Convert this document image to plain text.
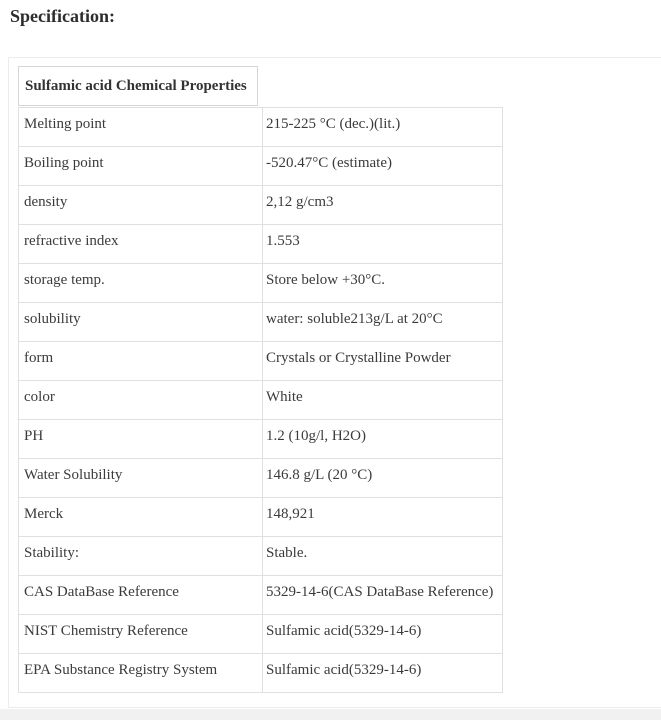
Specification:
Sulfamic acid Chemical Properties
Melting point	215-225 °C (dec.)(lit.)
Boiling point	-520.47°C (estimate)
density	2,12 g/cm3
refractive index	1.553
storage temp.	Store below +30°C.
solubility	water: soluble213g/L at 20°C
form	Crystals or Crystalline Powder
color	White
PH	1.2 (10g/l, H2O)
Water Solubility	146.8 g/L (20 °C)
Merck	148,921
Stability:	Stable.
CAS DataBase Reference	5329-14-6(CAS DataBase Reference)
NIST Chemistry Reference	Sulfamic acid(5329-14-6)
EPA Substance Registry System	Sulfamic acid(5329-14-6)
